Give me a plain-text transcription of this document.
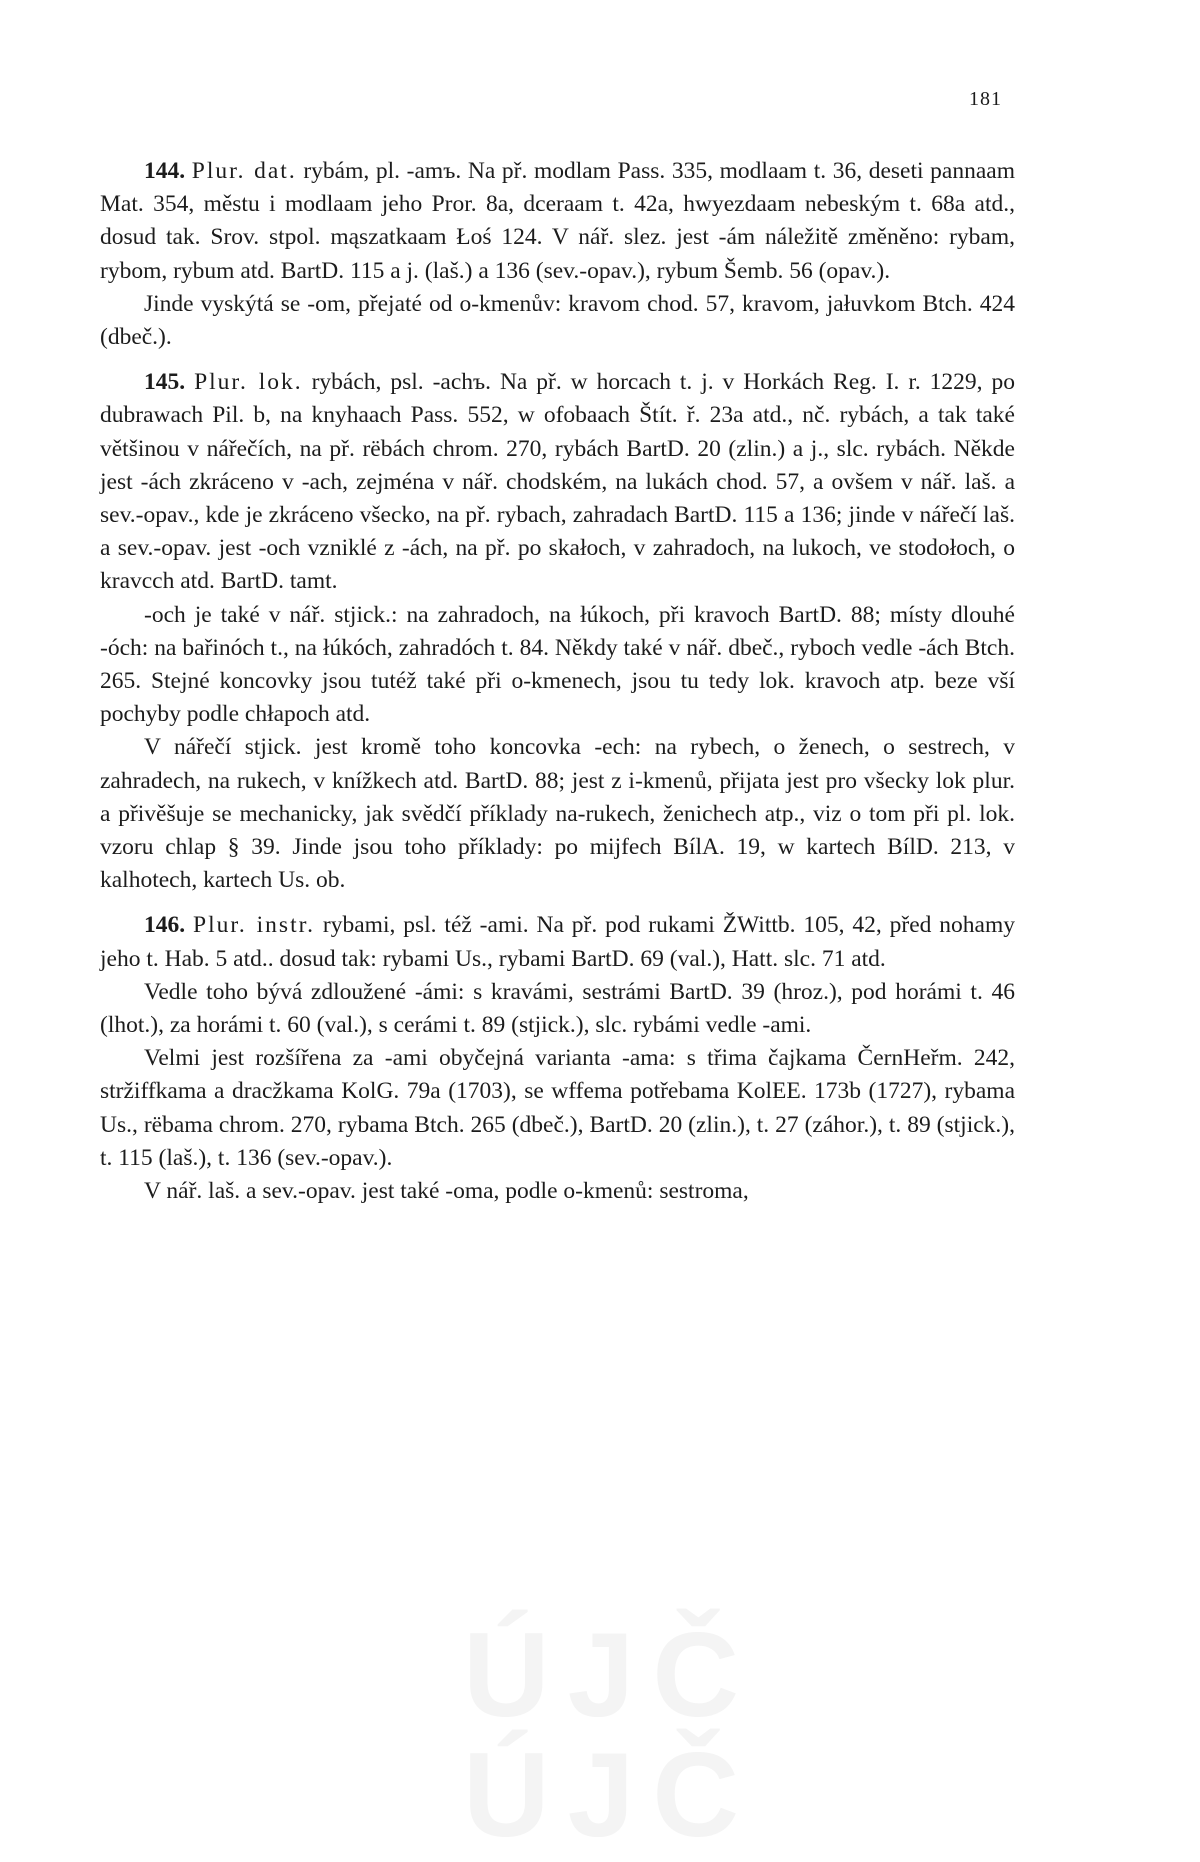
181

144. Plur. dat. rybám, pl. -amъ. Na př. modlam Pass. 335, modlaam t. 36, deseti pannaam Mat. 354, městu i modlaam jeho Pror. 8a, dceraam t. 42a, hwyezdaam nebeským t. 68a atd., dosud tak. Srov. stpol. mąszatkaam Łoś 124. V nář. slez. jest -ám náležitě změněno: rybam, rybom, rybum atd. BartD. 115 a j. (laš.) a 136 (sev.-opav.), rybum Šemb. 56 (opav.).

Jinde vyskýtá se -om, přejaté od o-kmenův: kravom chod. 57, kravom, jałuvkom Btch. 424 (dbeč.).

145. Plur. lok. rybách, psl. -achъ. Na př. w horcach t. j. v Horkách Reg. I. r. 1229, po dubrawach Pil. b, na knyhaach Pass. 552, w ofobaach Štít. ř. 23a atd., nč. rybách, a tak také většinou v nářečích, na př. rëbách chrom. 270, rybách BartD. 20 (zlin.) a j., slc. rybách. Někde jest -ách zkráceno v -ach, zejména v nář. chodském, na lukách chod. 57, a ovšem v nář. laš. a sev.-opav., kde je zkráceno všecko, na př. rybach, zahradach BartD. 115 a 136; jinde v nářečí laš. a sev.-opav. jest -och vzniklé z -ách, na př. po skałoch, v zahradoch, na lukoch, ve stodołoch, o kravcch atd. BartD. tamt.

-och je také v nář. stjick.: na zahradoch, na łúkoch, při kravoch BartD. 88; místy dlouhé -óch: na bařinóch t., na łúkóch, zahradóch t. 84. Někdy také v nář. dbeč., ryboch vedle -ách Btch. 265. Stejné koncovky jsou tutéž také při o-kmenech, jsou tu tedy lok. kravoch atp. beze vší pochyby podle chłapoch atd.

V nářečí stjick. jest kromě toho koncovka -ech: na rybech, o ženech, o sestrech, v zahradech, na rukech, v knížkech atd. BartD. 88; jest z i-kmenů, přijata jest pro všecky lok plur. a přivěšuje se mechanicky, jak svědčí příklady na-rukech, ženichech atp., viz o tom při pl. lok. vzoru chlap § 39. Jinde jsou toho příklady: po mijfech BílA. 19, w kartech BílD. 213, v kalhotech, kartech Us. ob.

146. Plur. instr. rybami, psl. též -ami. Na př. pod rukami ŽWittb. 105, 42, před nohamy jeho t. Hab. 5 atd.. dosud tak: rybami Us., rybami BartD. 69 (val.), Hatt. slc. 71 atd.

Vedle toho bývá zdloužené -ámi: s kravámi, sestrámi BartD. 39 (hroz.), pod horámi t. 46 (lhot.), za horámi t. 60 (val.), s cerámi t. 89 (stjick.), slc. rybámi vedle -ami.

Velmi jest rozšířena za -ami obyčejná varianta -ama: s třima čajkama ČernHeřm. 242, stržiffkama a dracžkama KolG. 79a (1703), se wffema potřebama KolEE. 173b (1727), rybama Us., rëbama chrom. 270, rybama Btch. 265 (dbeč.), BartD. 20 (zlin.), t. 27 (záhor.), t. 89 (stjick.), t. 115 (laš.), t. 136 (sev.-opav.).

V nář. laš. a sev.-opav. jest také -oma, podle o-kmenů: sestroma,

ÚJČ ÚJČ
